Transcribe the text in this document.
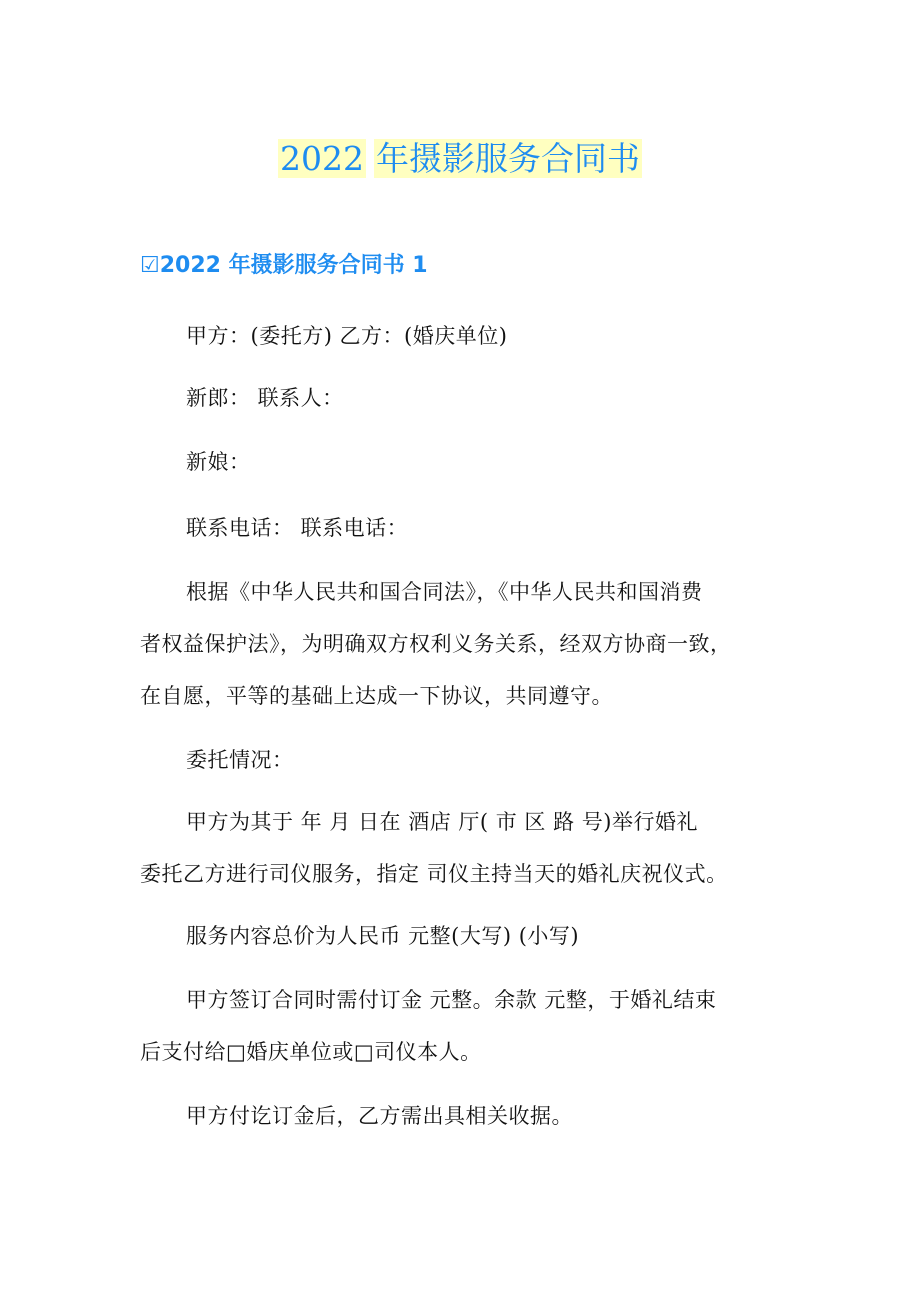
2022 年摄影服务合同书
☑2022 年摄影服务合同书 1
甲方：(委托方) 乙方：(婚庆单位)
新郎： 联系人：
新娘：
联系电话： 联系电话：
根据《中华人民共和国合同法》，《中华人民共和国消费
者权益保护法》，为明确双方权利义务关系，经双方协商一致，
在自愿，平等的基础上达成一下协议，共同遵守。
委托情况：
甲方为其于 年 月 日在 酒店 厅( 市 区 路 号)举行婚礼
委托乙方进行司仪服务，指定 司仪主持当天的婚礼庆祝仪式。
服务内容总价为人民币 元整(大写) (小写)
甲方签订合同时需付订金 元整。余款 元整，于婚礼结束
后支付给□婚庆单位或□司仪本人。
甲方付讫订金后，乙方需出具相关收据。
